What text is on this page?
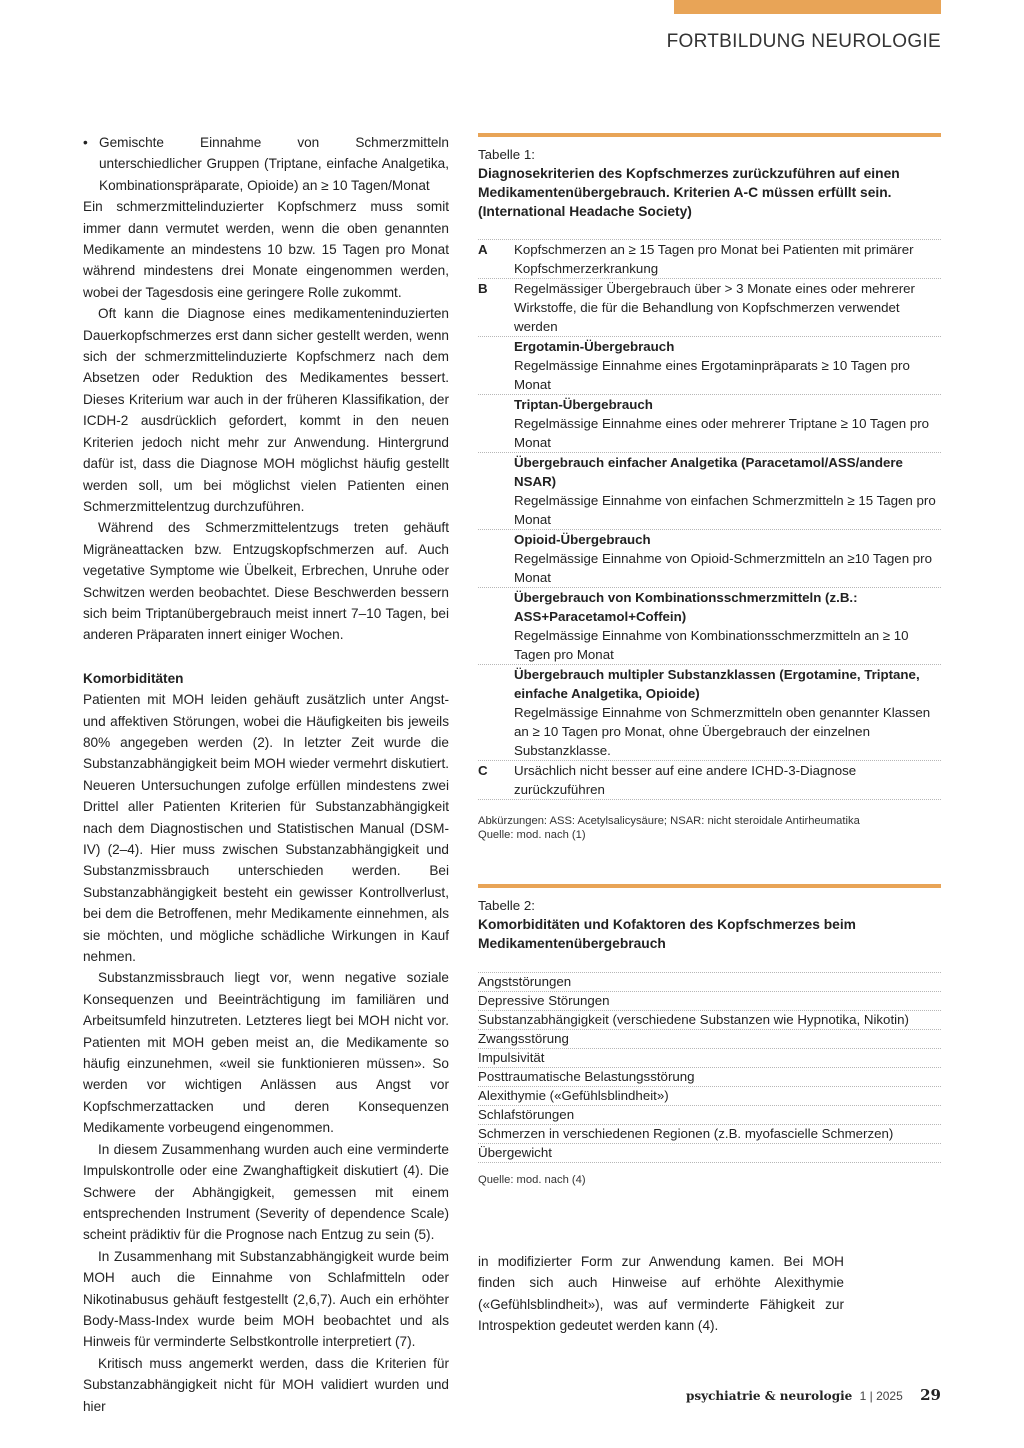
FORTBILDUNG NEUROLOGIE
• Gemischte Einnahme von Schmerzmitteln unterschiedlicher Gruppen (Triptane, einfache Analgetika, Kombinationspräparate, Opioide) an ≥ 10 Tagen/Monat

Ein schmerzmittelinduzierter Kopfschmerz muss somit immer dann vermutet werden, wenn die oben genannten Medikamente an mindestens 10 bzw. 15 Tagen pro Monat während mindestens drei Monate eingenommen werden, wobei der Tagesdosis eine geringere Rolle zukommt.

Oft kann die Diagnose eines medikamenteninduzierten Dauerkopfschmerzes erst dann sicher gestellt werden, wenn sich der schmerzmittelinduzierte Kopfschmerz nach dem Absetzen oder Reduktion des Medikamentes bessert. Dieses Kriterium war auch in der früheren Klassifikation, der ICDH-2 ausdrücklich gefordert, kommt in den neuen Kriterien jedoch nicht mehr zur Anwendung. Hintergrund dafür ist, dass die Diagnose MOH möglichst häufig gestellt werden soll, um bei möglichst vielen Patienten einen Schmerzmittelentzug durchzuführen.

Während des Schmerzmittelentzugs treten gehäuft Migräneattacken bzw. Entzugskopfschmerzen auf. Auch vegetative Symptome wie Übelkeit, Erbrechen, Unruhe oder Schwitzen werden beobachtet. Diese Beschwerden bessern sich beim Triptanübergebrauch meist innert 7–10 Tagen, bei anderen Präparaten innert einiger Wochen.

Komorbiditäten

Patienten mit MOH leiden gehäuft zusätzlich unter Angst- und affektiven Störungen, wobei die Häufigkeiten bis jeweils 80% angegeben werden (2). In letzter Zeit wurde die Substanzabhängigkeit beim MOH wieder vermehrt diskutiert. Neueren Untersuchungen zufolge erfüllen mindestens zwei Drittel aller Patienten Kriterien für Substanzabhängigkeit nach dem Diagnostischen und Statistischen Manual (DSM-IV) (2–4). Hier muss zwischen Substanzabhängigkeit und Substanzmissbrauch unterschieden werden. Bei Substanzabhängigkeit besteht ein gewisser Kontrollverlust, bei dem die Betroffenen, mehr Medikamente einnehmen, als sie möchten, und mögliche schädliche Wirkungen in Kauf nehmen.

Substanzmissbrauch liegt vor, wenn negative soziale Konsequenzen und Beeinträchtigung im familiären und Arbeitsumfeld hinzutreten. Letzteres liegt bei MOH nicht vor. Patienten mit MOH geben meist an, die Medikamente so häufig einzunehmen, «weil sie funktionieren müssen». So werden vor wichtigen Anlässen aus Angst vor Kopfschmerzattacken und deren Konsequenzen Medikamente vorbeugend eingenommen.

In diesem Zusammenhang wurden auch eine verminderte Impulskontrolle oder eine Zwanghaftigkeit diskutiert (4). Die Schwere der Abhängigkeit, gemessen mit einem entsprechenden Instrument (Severity of dependence Scale) scheint prädiktiv für die Prognose nach Entzug zu sein (5).

In Zusammenhang mit Substanzabhängigkeit wurde beim MOH auch die Einnahme von Schlafmitteln oder Nikotinabusus gehäuft festgestellt (2,6,7). Auch ein erhöhter Body-Mass-Index wurde beim MOH beobachtet und als Hinweis für verminderte Selbstkontrolle interpretiert (7).

Kritisch muss angemerkt werden, dass die Kriterien für Substanzabhängigkeit nicht für MOH validiert wurden und hier

Tabelle 1:
Diagnosekriterien des Kopfschmerzes zurückzuführen auf einen Medikamentenübergebrauch. Kriterien A-C müssen erfüllt sein. (International Headache Society)
A	Kopfschmerzen an ≥ 15 Tagen pro Monat bei Patienten mit primärer Kopfschmerzerkrankung
B	Regelmässiger Übergebrauch über > 3 Monate eines oder mehrerer Wirkstoffe, die für die Behandlung von Kopfschmerzen verwendet werden
Ergotamin-Übergebrauch
Regelmässige Einnahme eines Ergotaminpräparats ≥ 10 Tagen pro Monat
Triptan-Übergebrauch
Regelmässige Einnahme eines oder mehrerer Triptane ≥ 10 Tagen pro Monat
Übergebrauch einfacher Analgetika (Paracetamol/ASS/andere NSAR)
Regelmässige Einnahme von einfachen Schmerzmitteln ≥ 15 Tagen pro Monat
Opioid-Übergebrauch
Regelmässige Einnahme von Opioid-Schmerzmitteln an ≥10 Tagen pro Monat
Übergebrauch von Kombinationsschmerzmitteln (z.B.: ASS+Paracetamol+Coffein)
Regelmässige Einnahme von Kombinationsschmerzmitteln an ≥ 10 Tagen pro Monat
Übergebrauch multipler Substanzklassen (Ergotamine, Triptane, einfache Analgetika, Opioide)
Regelmässige Einnahme von Schmerzmitteln oben genannter Klassen an ≥ 10 Tagen pro Monat, ohne Übergebrauch der einzelnen Substanzklasse.
C	Ursächlich nicht besser auf eine andere ICHD-3-Diagnose zurückzuführen
Abkürzungen: ASS: Acetylsalicysäure; NSAR: nicht steroidale Antirheumatika
Quelle: mod. nach (1)
Tabelle 2:
Komorbiditäten und Kofaktoren des Kopfschmerzes beim Medikamentenübergebrauch
Angststörungen
Depressive Störungen
Substanzabhängigkeit (verschiedene Substanzen wie Hypnotika, Nikotin)
Zwangsstörung
Impulsivität
Posttraumatische Belastungsstörung
Alexithymie («Gefühlsblindheit»)
Schlafstörungen
Schmerzen in verschiedenen Regionen (z.B. myofascielle Schmerzen)
Übergewicht
Quelle: mod. nach (4)
in modifizierter Form zur Anwendung kamen. Bei MOH finden sich auch Hinweise auf erhöhte Alexithymie («Gefühlsblindheit»), was auf verminderte Fähigkeit zur Introspektion gedeutet werden kann (4).
psychiatrie & neurologie 1 | 2025 29
